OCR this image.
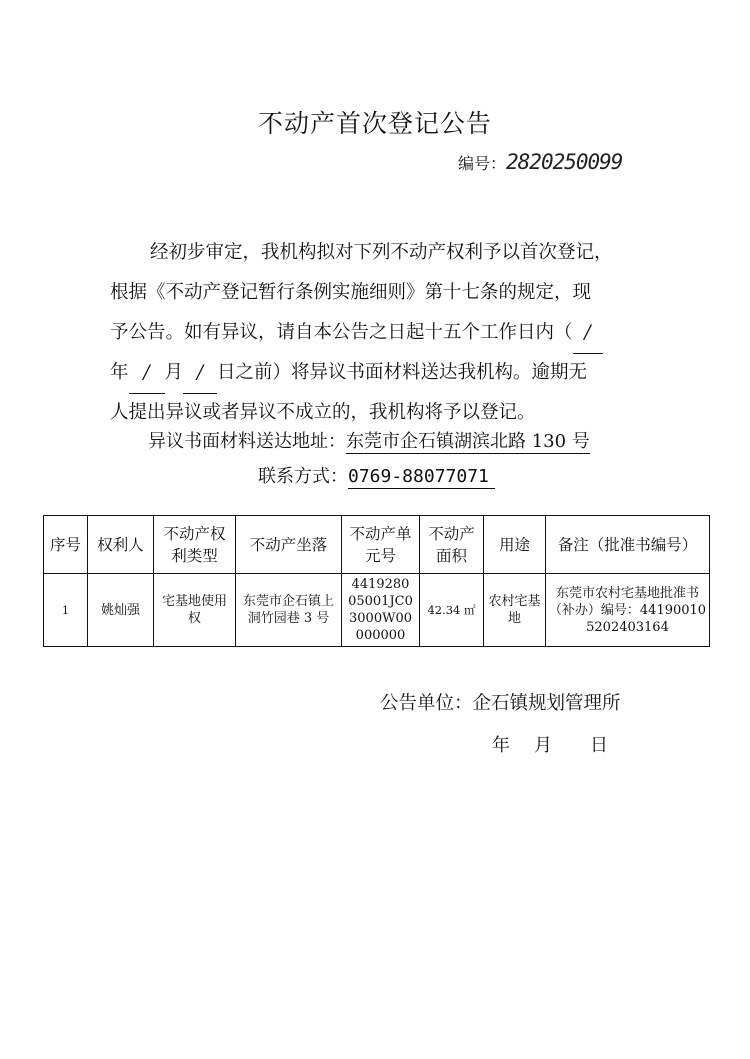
不动产首次登记公告
编号：2820250099
经初步审定，我机构拟对下列不动产权利予以首次登记，
根据《不动产登记暂行条例实施细则》第十七条的规定，现
予公告。如有异议，请自本公告之日起十五个工作日内（ /
年 / 月 / 日之前）将异议书面材料送达我机构。逾期无
人提出异议或者异议不成立的，我机构将予以登记。
异议书面材料送达地址：东莞市企石镇湖滨北路 130 号
联系方式：0769-88077071
序号	权利人	不动产权利类型	不动产坐落	不动产单元号	不动产面积	用途	备注（批准书编号）
1	姚灿强	宅基地使用权	东莞市企石镇上洞竹园巷 3 号	441928005001JC03000W00000000	42.34 ㎡	农村宅基地	东莞市农村宅基地批准书（补办）编号：441900105202403164
公告单位：企石镇规划管理所
年 月 日
